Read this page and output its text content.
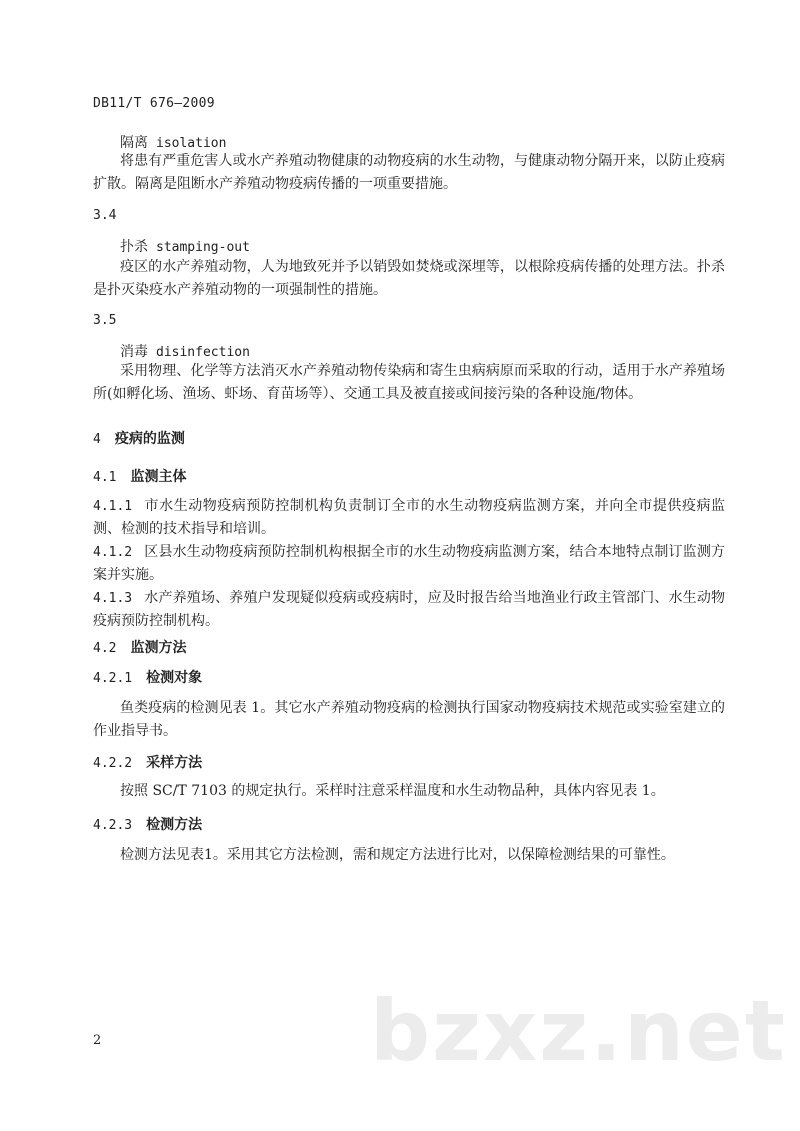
DB11/T 676—2009
隔离 isolation
将患有严重危害人或水产养殖动物健康的动物疫病的水生动物，与健康动物分隔开来，以防止疫病扩散。隔离是阻断水产养殖动物疫病传播的一项重要措施。
3.4
扑杀 stamping-out
疫区的水产养殖动物，人为地致死并予以销毁如焚烧或深埋等，以根除疫病传播的处理方法。扑杀是扑灭染疫水产养殖动物的一项强制性的措施。
3.5
消毒 disinfection
采用物理、化学等方法消灭水产养殖动物传染病和寄生虫病病原而采取的行动，适用于水产养殖场所(如孵化场、渔场、虾场、育苗场等）、交通工具及被直接或间接污染的各种设施/物体。
4 疫病的监测
4.1 监测主体
4.1.1 市水生动物疫病预防控制机构负责制订全市的水生动物疫病监测方案，并向全市提供疫病监测、检测的技术指导和培训。
4.1.2 区县水生动物疫病预防控制机构根据全市的水生动物疫病监测方案，结合本地特点制订监测方案并实施。
4.1.3 水产养殖场、养殖户发现疑似疫病或疫病时，应及时报告给当地渔业行政主管部门、水生动物疫病预防控制机构。
4.2 监测方法
4.2.1 检测对象
鱼类疫病的检测见表 1。其它水产养殖动物疫病的检测执行国家动物疫病技术规范或实验室建立的作业指导书。
4.2.2 采样方法
按照 SC/T 7103 的规定执行。采样时注意采样温度和水生动物品种，具体内容见表 1。
4.2.3 检测方法
检测方法见表1。采用其它方法检测，需和规定方法进行比对，以保障检测结果的可靠性。
bzxz.net
2
